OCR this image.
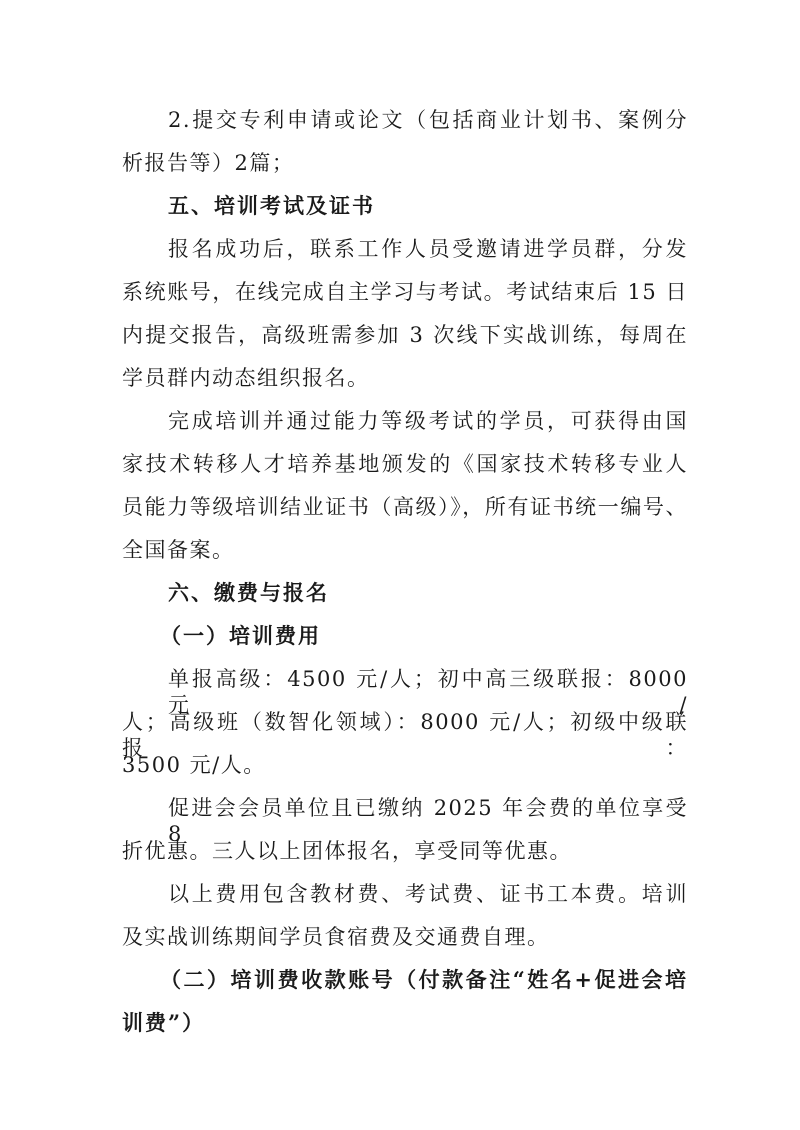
2.提交专利申请或论文（包括商业计划书、案例分
析报告等）2篇；
五、培训考试及证书
报名成功后，联系工作人员受邀请进学员群，分发
系统账号，在线完成自主学习与考试。考试结束后 15 日
内提交报告，高级班需参加 3 次线下实战训练，每周在
学员群内动态组织报名。
完成培训并通过能力等级考试的学员，可获得由国
家技术转移人才培养基地颁发的《国家技术转移专业人
员能力等级培训结业证书（高级）》，所有证书统一编号、
全国备案。
六、缴费与报名
（一）培训费用
单报高级：4500 元/人；初中高三级联报：8000 元/
人；高级班（数智化领域）：8000 元/人；初级中级联报：
3500 元/人。
促进会会员单位且已缴纳 2025 年会费的单位享受 8
折优惠。三人以上团体报名，享受同等优惠。
以上费用包含教材费、考试费、证书工本费。培训
及实战训练期间学员食宿费及交通费自理。
（二）培训费收款账号（付款备注“姓名+促进会培
训费”）
